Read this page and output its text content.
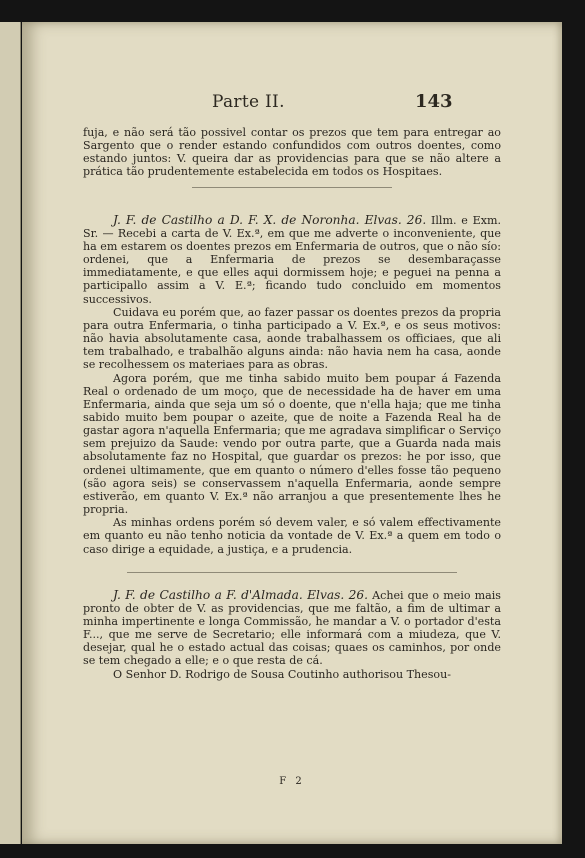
Parte II.	143

fuja, e não será tão possivel contar os prezos que tem para entregar ao Sargento que o render estando confundidos com outros doentes, como estando juntos: V. queira dar as providencias para que se não altere a prática tão prudentemente estabelecida em todos os Hospitaes.

J. F. de Castilho a D. F. X. de Noronha. Elvas. 26. Illm. e Exm. Sr. — Recebi a carta de V. Ex.ª, em que me adverte o inconveniente, que ha em estarem os doentes prezos em Enfermaria de outros, que o não sío: ordenei, que a Enfermaria de prezos se desembaraçasse immediatamente, e que elles aqui dormissem hoje; e peguei na penna a participallo assim a V. E.ª; ficando tudo concluido em momentos successivos.

Cuidava eu porém que, ao fazer passar os doentes prezos da propria para outra Enfermaria, o tinha participado a V. Ex.ª, e os seus motivos: não havia absolutamente casa, aonde trabalhassem os officiaes, que ali tem trabalhado, e trabalhão alguns ainda: não havia nem ha casa, aonde se recolhessem os materiaes para as obras.

Agora porém, que me tinha sabido muito bem poupar á Fazenda Real o ordenado de um moço, que de necessidade ha de haver em uma Enfermaria, ainda que seja um só o doente, que n'ella haja; que me tinha sabido muito bem poupar o azeite, que de noite a Fazenda Real ha de gastar agora n'aquella Enfermaria; que me agradava simplificar o Serviço sem prejuizo da Saude: vendo por outra parte, que a Guarda nada mais absolutamente faz no Hospital, que guardar os prezos: he por isso, que ordenei ultimamente, que em quanto o número d'elles fosse tão pequeno (são agora seis) se conservassem n'aquella Enfermaria, aonde sempre estiverão, em quanto V. Ex.ª não arranjou a que presentemente lhes he propria.

As minhas ordens porém só devem valer, e só valem effectivamente em quanto eu não tenho noticia da vontade de V. Ex.ª a quem em todo o caso dirige a equidade, a justiça, e a prudencia.

J. F. de Castilho a F. d'Almada. Elvas. 26. Achei que o meio mais pronto de obter de V. as providencias, que me faltão, a fim de ultimar a minha impertinente e longa Commissão, he mandar a V. o portador d'esta F..., que me serve de Secretario; elle informará com a miudeza, que V. desejar, qual he o estado actual das coisas; quaes os caminhos, por onde se tem chegado a elle; e o que resta de cá.

O Senhor D. Rodrigo de Sousa Coutinho authorisou Thesou-

F 2
